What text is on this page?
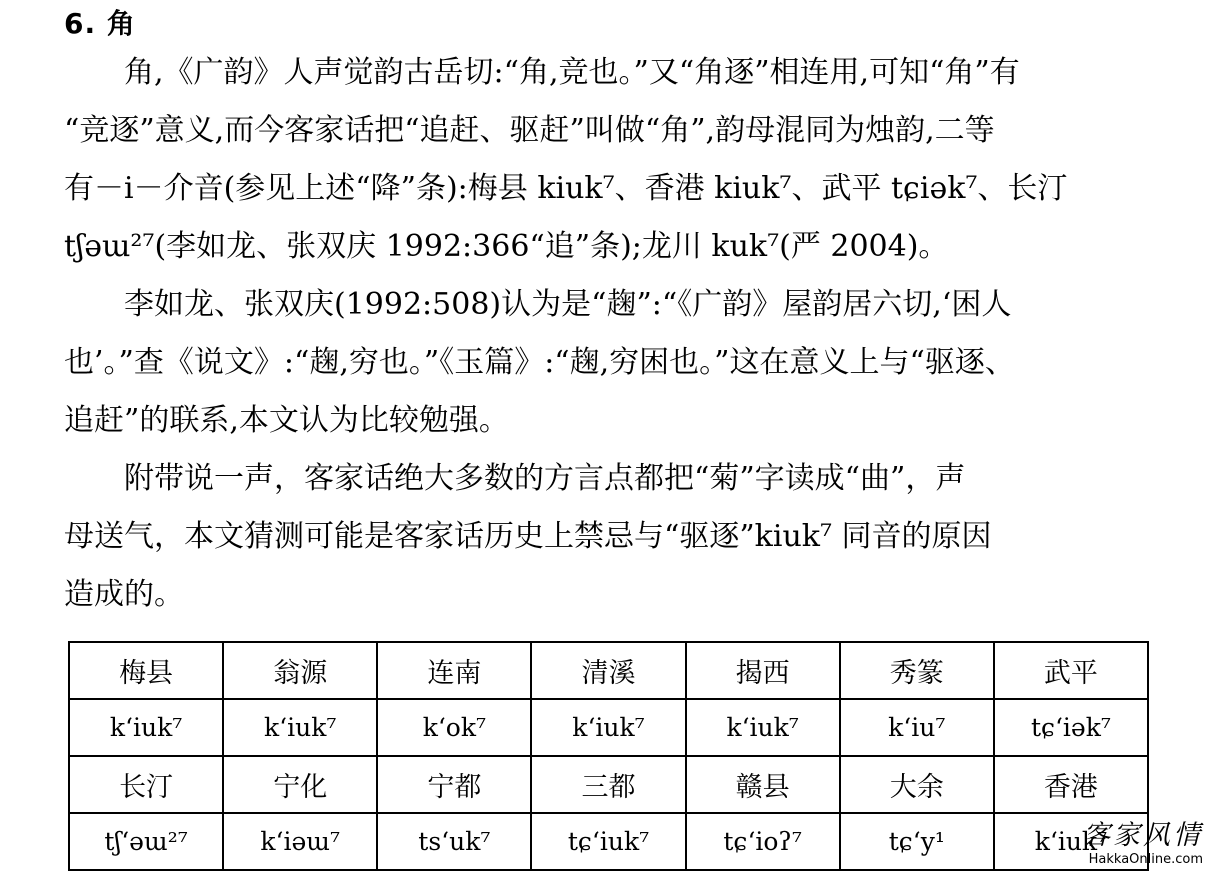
6. 角
　　角,《广韵》人声觉韵古岳切:“角,竞也。”又“角逐”相连用,可知“角”有
“竞逐”意义,而今客家话把“追赶、驱赶”叫做“角”,韵母混同为烛韵,二等
有－i－介音(参见上述“降”条):梅县 kiuk⁷、香港 kiuk⁷、武平 tɕiək⁷、长汀
tʃəɯ²⁷(李如龙、张双庆 1992:366“追”条);龙川 kuk⁷(严 2004)。
　　李如龙、张双庆(1992:508)认为是“趜”:“《广韵》屋韵居六切,‘困人
也’。”查《说文》:“趜,穷也。”《玉篇》:“趜,穷困也。”这在意义上与“驱逐、
追赶”的联系,本文认为比较勉强。
　　附带说一声，客家话绝大多数的方言点都把“菊”字读成“曲”，声
母送气，本文猜测可能是客家话历史上禁忌与“驱逐”kiuk⁷ 同音的原因
造成的。
梅县	翁源	连南	清溪	揭西	秀篆	武平
k‘iuk⁷	k‘iuk⁷	k‘ok⁷	k‘iuk⁷	k‘iuk⁷	k‘iu⁷	tɕ‘iək⁷
长汀	宁化	宁都	三都	赣县	大余	香港
tʃ‘əɯ²⁷	k‘iəɯ⁷	ts‘uk⁷	tɕ‘iuk⁷	tɕ‘ioʔ⁷	tɕ‘y¹	k‘iuk⁷
客家风情
HakkaOnline.com
